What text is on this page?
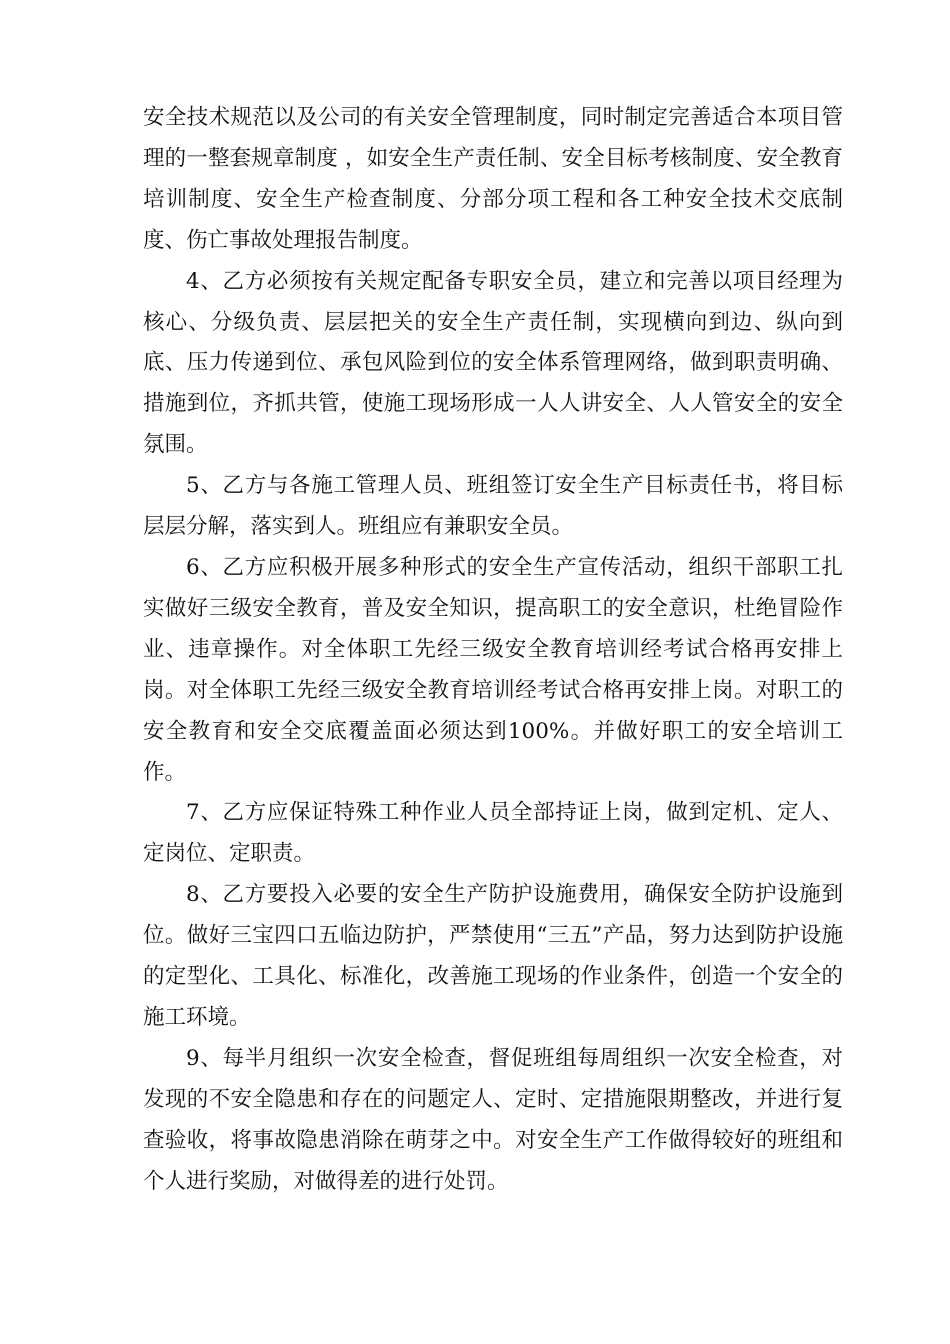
安全技术规范以及公司的有关安全管理制度，同时制定完善适合本项目管理的一整套规章制度 ，如安全生产责任制、安全目标考核制度、安全教育培训制度、安全生产检查制度、分部分项工程和各工种安全技术交底制度、伤亡事故处理报告制度。

4、乙方必须按有关规定配备专职安全员，建立和完善以项目经理为核心、分级负责、层层把关的安全生产责任制，实现横向到边、纵向到底、压力传递到位、承包风险到位的安全体系管理网络，做到职责明确、措施到位，齐抓共管，使施工现场形成一人人讲安全、人人管安全的安全氛围。

5、乙方与各施工管理人员、班组签订安全生产目标责任书，将目标层层分解，落实到人。班组应有兼职安全员。

6、乙方应积极开展多种形式的安全生产宣传活动，组织干部职工扎实做好三级安全教育，普及安全知识，提高职工的安全意识，杜绝冒险作业、违章操作。对全体职工先经三级安全教育培训经考试合格再安排上岗。对全体职工先经三级安全教育培训经考试合格再安排上岗。对职工的安全教育和安全交底覆盖面必须达到100%。并做好职工的安全培训工作。

7、乙方应保证特殊工种作业人员全部持证上岗，做到定机、定人、定岗位、定职责。

8、乙方要投入必要的安全生产防护设施费用，确保安全防护设施到位。做好三宝四口五临边防护，严禁使用“三五”产品，努力达到防护设施的定型化、工具化、标准化，改善施工现场的作业条件，创造一个安全的施工环境。

9、每半月组织一次安全检查，督促班组每周组织一次安全检查，对发现的不安全隐患和存在的问题定人、定时、定措施限期整改，并进行复查验收，将事故隐患消除在萌芽之中。对安全生产工作做得较好的班组和个人进行奖励，对做得差的进行处罚。
